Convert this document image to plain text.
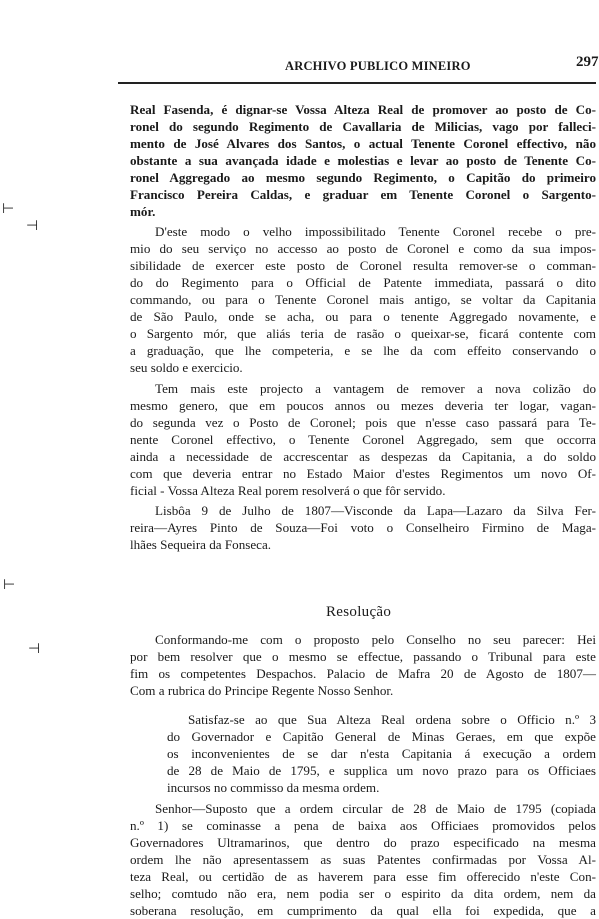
ARCHIVO PUBLICO MINEIRO	297
⊢
⊣
⊢
⊣
Real Fasenda, é dignar-se Vossa Alteza Real de promover ao posto de Co-
ronel do segundo Regimento de Cavallaria de Milicias, vago por falleci-
mento de José Alvares dos Santos, o actual Tenente Coronel effectivo, não
obstante a sua avançada idade e molestias e levar ao posto de Tenente Co-
ronel Aggregado ao mesmo segundo Regimento, o Capitão do primeiro
Francisco Pereira Caldas, e graduar em Tenente Coronel o Sargento-
mór.
D'este modo o velho impossibilitado Tenente Coronel recebe o pre-
mio do seu serviço no accesso ao posto de Coronel e como da sua impos-
sibilidade de exercer este posto de Coronel resulta remover-se o comman-
do do Regimento para o Official de Patente immediata, passará o dito
commando, ou para o Tenente Coronel mais antigo, se voltar da Capitania
de São Paulo, onde se acha, ou para o tenente Aggregado novamente, e
o Sargento mór, que aliás teria de rasão o queixar-se, ficará contente com
a graduação, que lhe competeria, e se lhe da com effeito conservando o
seu soldo e exercicio.
Tem mais este projecto a vantagem de remover a nova colizão do
mesmo genero, que em poucos annos ou mezes deveria ter logar, vagan-
do segunda vez o Posto de Coronel; pois que n'esse caso passará para Te-
nente Coronel effectivo, o Tenente Coronel Aggregado, sem que occorra
ainda a necessidade de accrescentar as despezas da Capitania, a do soldo
com que deveria entrar no Estado Maior d'estes Regimentos um novo Of-
ficial - Vossa Alteza Real porem resolverá o que fôr servido.
Lisbôa 9 de Julho de 1807—Visconde da Lapa—Lazaro da Silva Fer-
reira—Ayres Pinto de Souza—Foi voto o Conselheiro Firmino de Maga-
lhães Sequeira da Fonseca.
Resolução
Conformando-me com o proposto pelo Conselho no seu parecer: Hei
por bem resolver que o mesmo se effectue, passando o Tribunal para este
fim os competentes Despachos. Palacio de Mafra 20 de Agosto de 1807—
Com a rubrica do Principe Regente Nosso Senhor.
Satisfaz-se ao que Sua Alteza Real ordena sobre o Officio n.º 3
do Governador e Capitão General de Minas Geraes, em que expõe
os inconvenientes de se dar n'esta Capitania á execução a ordem
de 28 de Maio de 1795, e supplica um novo prazo para os Officiaes
incursos no commisso da mesma ordem.
Senhor—Suposto que a ordem circular de 28 de Maio de 1795 (copiada
n.º 1) se cominasse a pena de baixa aos Officiaes promovidos pelos
Governadores Ultramarinos, que dentro do prazo especificado na mesma
ordem lhe não apresentassem as suas Patentes confirmadas por Vossa Al-
teza Real, ou certidão de as haverem para esse fim offerecido n'este Con-
selho; comtudo não era, nem podia ser o espirito da dita ordem, nem da
soberana resolução, em cumprimento da qual ella foi expedida, que a
